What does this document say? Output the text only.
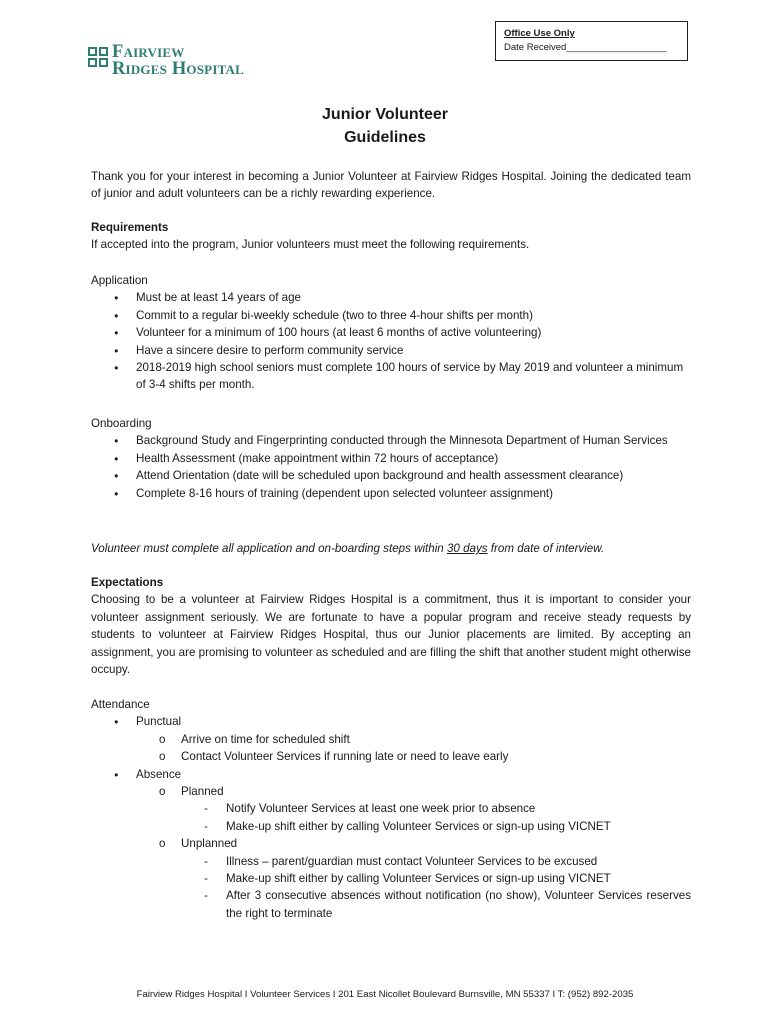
Fairview
Ridges Hospital
Office Use Only
Date Received___________________
Junior Volunteer
Guidelines
Thank you for your interest in becoming a Junior Volunteer at Fairview Ridges Hospital. Joining the dedicated team of junior and adult volunteers can be a richly rewarding experience.
Requirements
If accepted into the program, Junior volunteers must meet the following requirements.
Application
● Must be at least 14 years of age
● Commit to a regular bi-weekly schedule (two to three 4-hour shifts per month)
● Volunteer for a minimum of 100 hours (at least 6 months of active volunteering)
● Have a sincere desire to perform community service
● 2018-2019 high school seniors must complete 100 hours of service by May 2019 and volunteer a minimum of 3-4 shifts per month.
Onboarding
● Background Study and Fingerprinting conducted through the Minnesota Department of Human Services
● Health Assessment (make appointment within 72 hours of acceptance)
● Attend Orientation (date will be scheduled upon background and health assessment clearance)
● Complete 8-16 hours of training (dependent upon selected volunteer assignment)
Volunteer must complete all application and on-boarding steps within 30 days from date of interview.
Expectations
Choosing to be a volunteer at Fairview Ridges Hospital is a commitment, thus it is important to consider your volunteer assignment seriously. We are fortunate to have a popular program and receive steady requests by students to volunteer at Fairview Ridges Hospital, thus our Junior placements are limited. By accepting an assignment, you are promising to volunteer as scheduled and are filling the shift that another student might otherwise occupy.
Attendance
● Punctual
o Arrive on time for scheduled shift
o Contact Volunteer Services if running late or need to leave early
● Absence
o Planned
- Notify Volunteer Services at least one week prior to absence
- Make-up shift either by calling Volunteer Services or sign-up using VICNET
o Unplanned
- Illness – parent/guardian must contact Volunteer Services to be excused
- Make-up shift either by calling Volunteer Services or sign-up using VICNET
- After 3 consecutive absences without notification (no show), Volunteer Services reserves the right to terminate
Fairview Ridges Hospital I Volunteer Services I 201 East Nicollet Boulevard Burnsville, MN 55337 I T: (952) 892-2035
